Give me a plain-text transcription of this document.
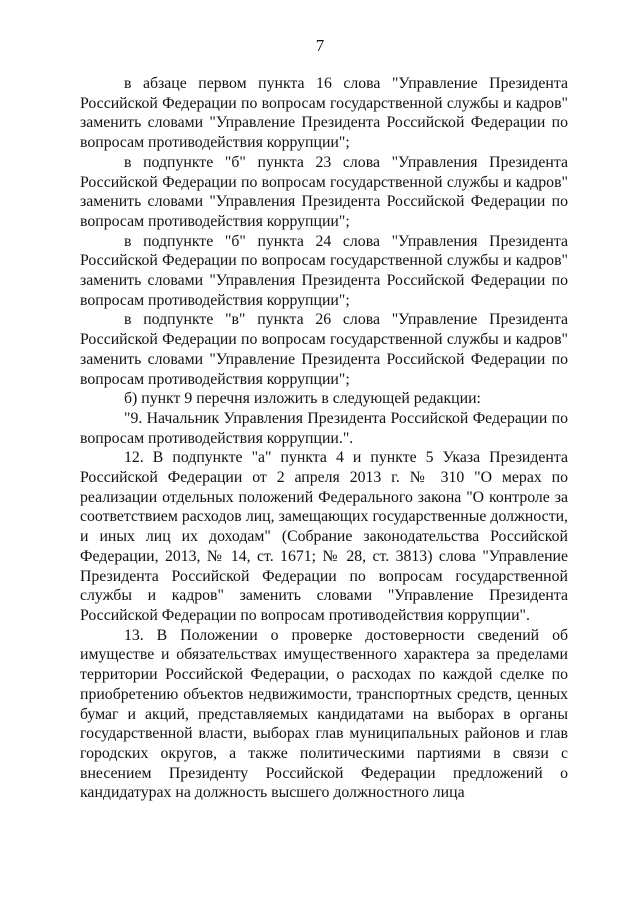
7

в абзаце первом пункта 16 слова "Управление Президента Российской Федерации по вопросам государственной службы и кадров" заменить словами "Управление Президента Российской Федерации по вопросам противодействия коррупции";

в подпункте "б" пункта 23 слова "Управления Президента Российской Федерации по вопросам государственной службы и кадров" заменить словами "Управления Президента Российской Федерации по вопросам противодействия коррупции";

в подпункте "б" пункта 24 слова "Управления Президента Российской Федерации по вопросам государственной службы и кадров" заменить словами "Управления Президента Российской Федерации по вопросам противодействия коррупции";

в подпункте "в" пункта 26 слова "Управление Президента Российской Федерации по вопросам государственной службы и кадров" заменить словами "Управление Президента Российской Федерации по вопросам противодействия коррупции";

б) пункт 9 перечня изложить в следующей редакции:

"9. Начальник Управления Президента Российской Федерации по вопросам противодействия коррупции.".

12. В подпункте "а" пункта 4 и пункте 5 Указа Президента Российской Федерации от 2 апреля 2013 г. № 310 "О мерах по реализации отдельных положений Федерального закона "О контроле за соответствием расходов лиц, замещающих государственные должности, и иных лиц их доходам" (Собрание законодательства Российской Федерации, 2013, № 14, ст. 1671; № 28, ст. 3813) слова "Управление Президента Российской Федерации по вопросам государственной службы и кадров" заменить словами "Управление Президента Российской Федерации по вопросам противодействия коррупции".

13. В Положении о проверке достоверности сведений об имуществе и обязательствах имущественного характера за пределами территории Российской Федерации, о расходах по каждой сделке по приобретению объектов недвижимости, транспортных средств, ценных бумаг и акций, представляемых кандидатами на выборах в органы государственной власти, выборах глав муниципальных районов и глав городских округов, а также политическими партиями в связи с внесением Президенту Российской Федерации предложений о кандидатурах на должность высшего должностного лица
